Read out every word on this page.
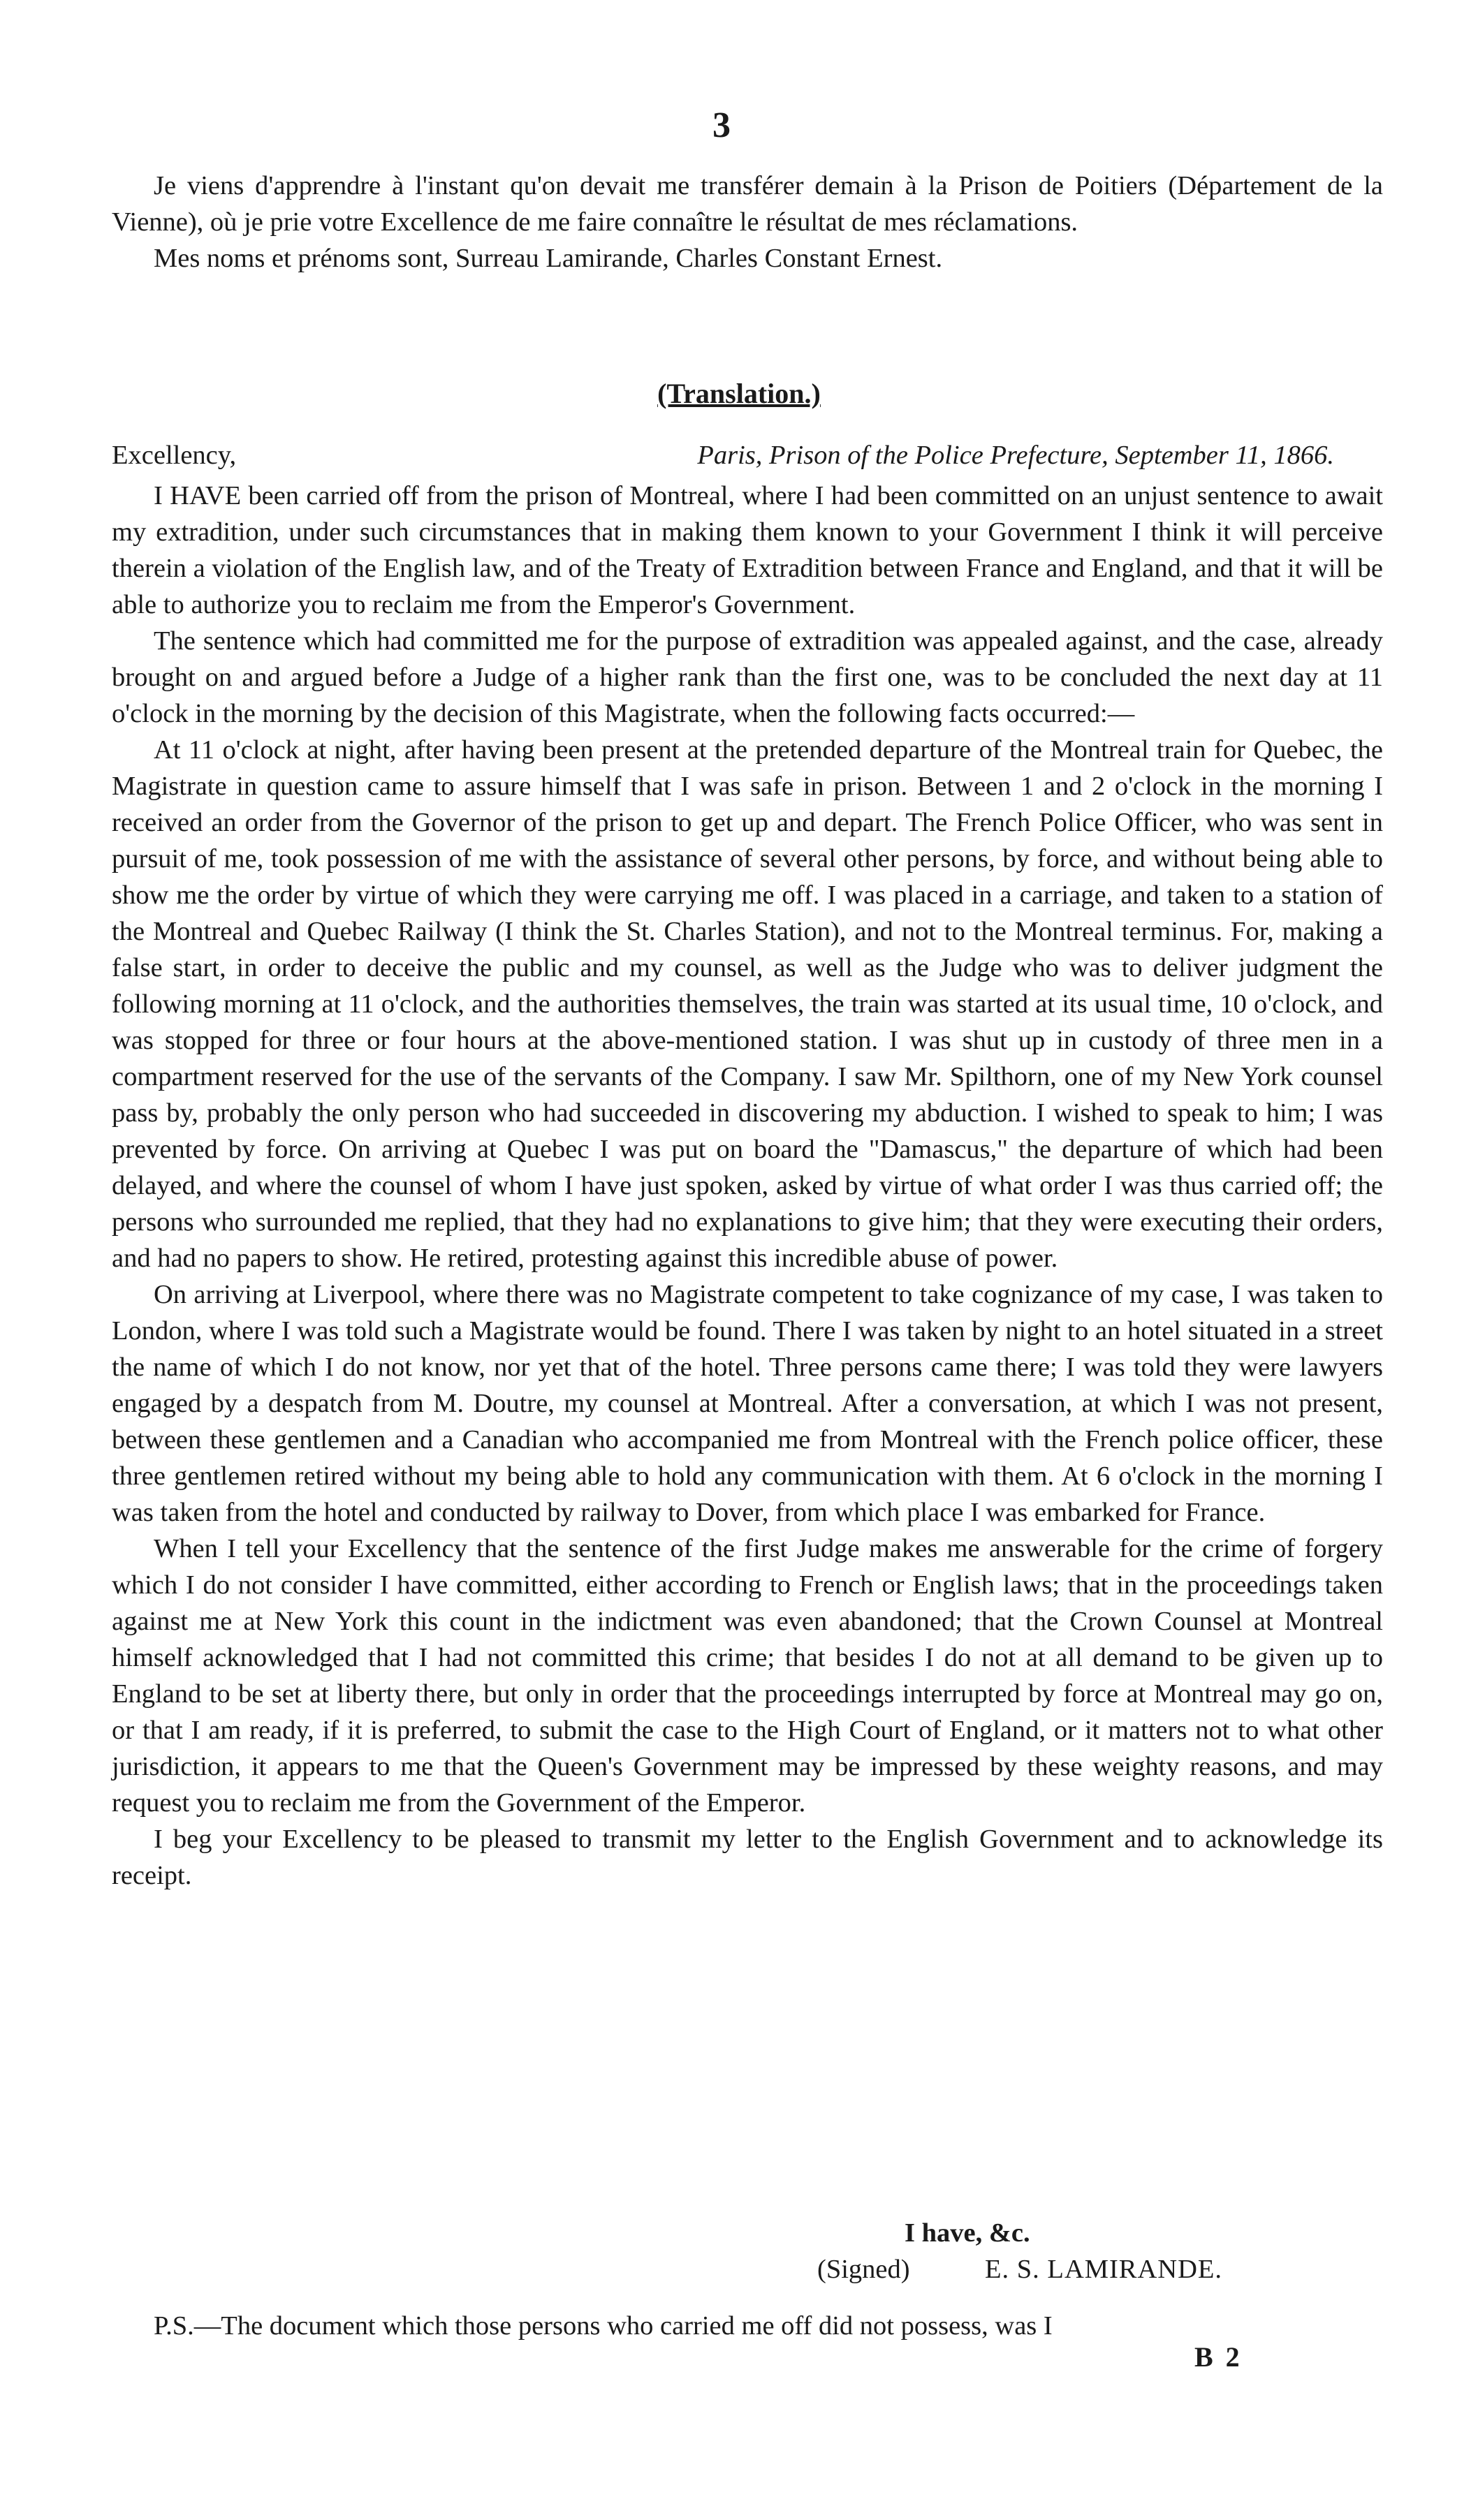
3

Je viens d'apprendre à l'instant qu'on devait me transférer demain à la Prison de Poitiers (Département de la Vienne), où je prie votre Excellence de me faire connaître le résultat de mes réclamations.

Mes noms et prénoms sont, Surreau Lamirande, Charles Constant Ernest.

(Translation.)
Excellency,	Paris, Prison of the Police Prefecture, September 11, 1866.

I HAVE been carried off from the prison of Montreal, where I had been committed on an unjust sentence to await my extradition, under such circumstances that in making them known to your Government I think it will perceive therein a violation of the English law, and of the Treaty of Extradition between France and England, and that it will be able to authorize you to reclaim me from the Emperor's Government.

The sentence which had committed me for the purpose of extradition was appealed against, and the case, already brought on and argued before a Judge of a higher rank than the first one, was to be concluded the next day at 11 o'clock in the morning by the decision of this Magistrate, when the following facts occurred:—

At 11 o'clock at night, after having been present at the pretended departure of the Montreal train for Quebec, the Magistrate in question came to assure himself that I was safe in prison. Between 1 and 2 o'clock in the morning I received an order from the Governor of the prison to get up and depart. The French Police Officer, who was sent in pursuit of me, took possession of me with the assistance of several other persons, by force, and without being able to show me the order by virtue of which they were carrying me off. I was placed in a carriage, and taken to a station of the Montreal and Quebec Railway (I think the St. Charles Station), and not to the Montreal terminus. For, making a false start, in order to deceive the public and my counsel, as well as the Judge who was to deliver judgment the following morning at 11 o'clock, and the authorities themselves, the train was started at its usual time, 10 o'clock, and was stopped for three or four hours at the above-mentioned station. I was shut up in custody of three men in a compartment reserved for the use of the servants of the Company. I saw Mr. Spilthorn, one of my New York counsel pass by, probably the only person who had succeeded in discovering my abduction. I wished to speak to him; I was prevented by force. On arriving at Quebec I was put on board the "Damascus," the departure of which had been delayed, and where the counsel of whom I have just spoken, asked by virtue of what order I was thus carried off; the persons who surrounded me replied, that they had no explanations to give him; that they were executing their orders, and had no papers to show. He retired, protesting against this incredible abuse of power.

On arriving at Liverpool, where there was no Magistrate competent to take cognizance of my case, I was taken to London, where I was told such a Magistrate would be found. There I was taken by night to an hotel situated in a street the name of which I do not know, nor yet that of the hotel. Three persons came there; I was told they were lawyers engaged by a despatch from M. Doutre, my counsel at Montreal. After a conversation, at which I was not present, between these gentlemen and a Canadian who accompanied me from Montreal with the French police officer, these three gentlemen retired without my being able to hold any communication with them. At 6 o'clock in the morning I was taken from the hotel and conducted by railway to Dover, from which place I was embarked for France.

When I tell your Excellency that the sentence of the first Judge makes me answerable for the crime of forgery which I do not consider I have committed, either according to French or English laws; that in the proceedings taken against me at New York this count in the indictment was even abandoned; that the Crown Counsel at Montreal himself acknowledged that I had not committed this crime; that besides I do not at all demand to be given up to England to be set at liberty there, but only in order that the proceedings interrupted by force at Montreal may go on, or that I am ready, if it is preferred, to submit the case to the High Court of England, or it matters not to what other jurisdiction, it appears to me that the Queen's Government may be impressed by these weighty reasons, and may request you to reclaim me from the Government of the Emperor.

I beg your Excellency to be pleased to transmit my letter to the English Government and to acknowledge its receipt.

I have, &c.
(Signed)	E. S. LAMIRANDE.

P.S.—The document which those persons who carried me off did not possess, was I

B 2
